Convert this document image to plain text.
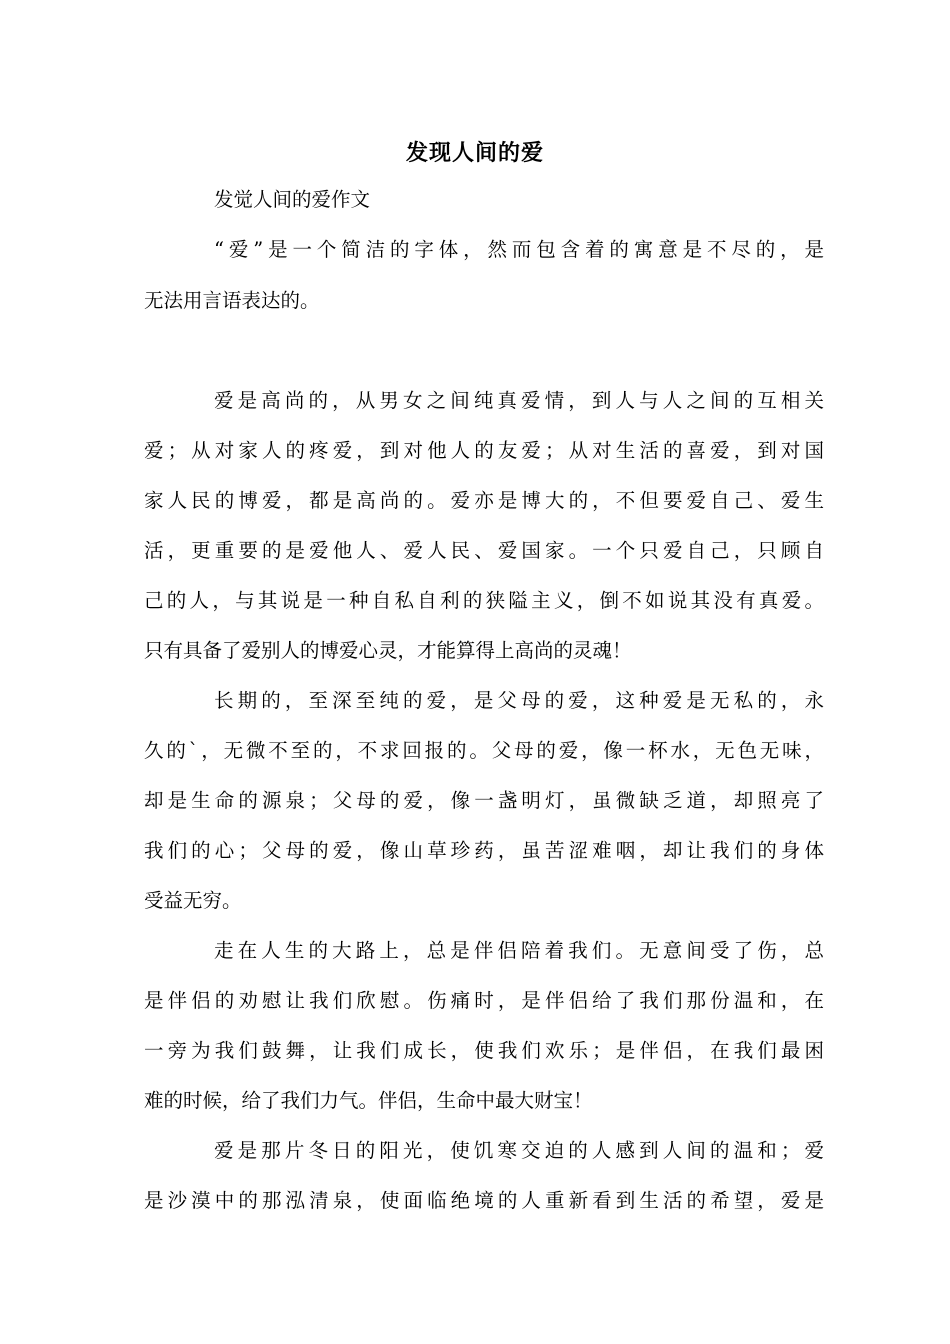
发现人间的爱
发觉人间的爱作文
“爱”是一个简洁的字体，然而包含着的寓意是不尽的，是
无法用言语表达的。
爱是高尚的，从男女之间纯真爱情，到人与人之间的互相关
爱；从对家人的疼爱，到对他人的友爱；从对生活的喜爱，到对国
家人民的博爱，都是高尚的。爱亦是博大的，不但要爱自己、爱生
活，更重要的是爱他人、爱人民、爱国家。一个只爱自己，只顾自
己的人，与其说是一种自私自利的狭隘主义，倒不如说其没有真爱。
只有具备了爱别人的博爱心灵，才能算得上高尚的灵魂！
长期的，至深至纯的爱，是父母的爱，这种爱是无私的，永
久的`，无微不至的，不求回报的。父母的爱，像一杯水，无色无味，
却是生命的源泉；父母的爱，像一盏明灯，虽微缺乏道，却照亮了
我们的心；父母的爱，像山草珍药，虽苦涩难咽，却让我们的身体
受益无穷。
走在人生的大路上，总是伴侣陪着我们。无意间受了伤，总
是伴侣的劝慰让我们欣慰。伤痛时，是伴侣给了我们那份温和，在
一旁为我们鼓舞，让我们成长，使我们欢乐；是伴侣，在我们最困
难的时候，给了我们力气。伴侣，生命中最大财宝！
爱是那片冬日的阳光，使饥寒交迫的人感到人间的温和；爱
是沙漠中的那泓清泉，使面临绝境的人重新看到生活的希望，爱是
